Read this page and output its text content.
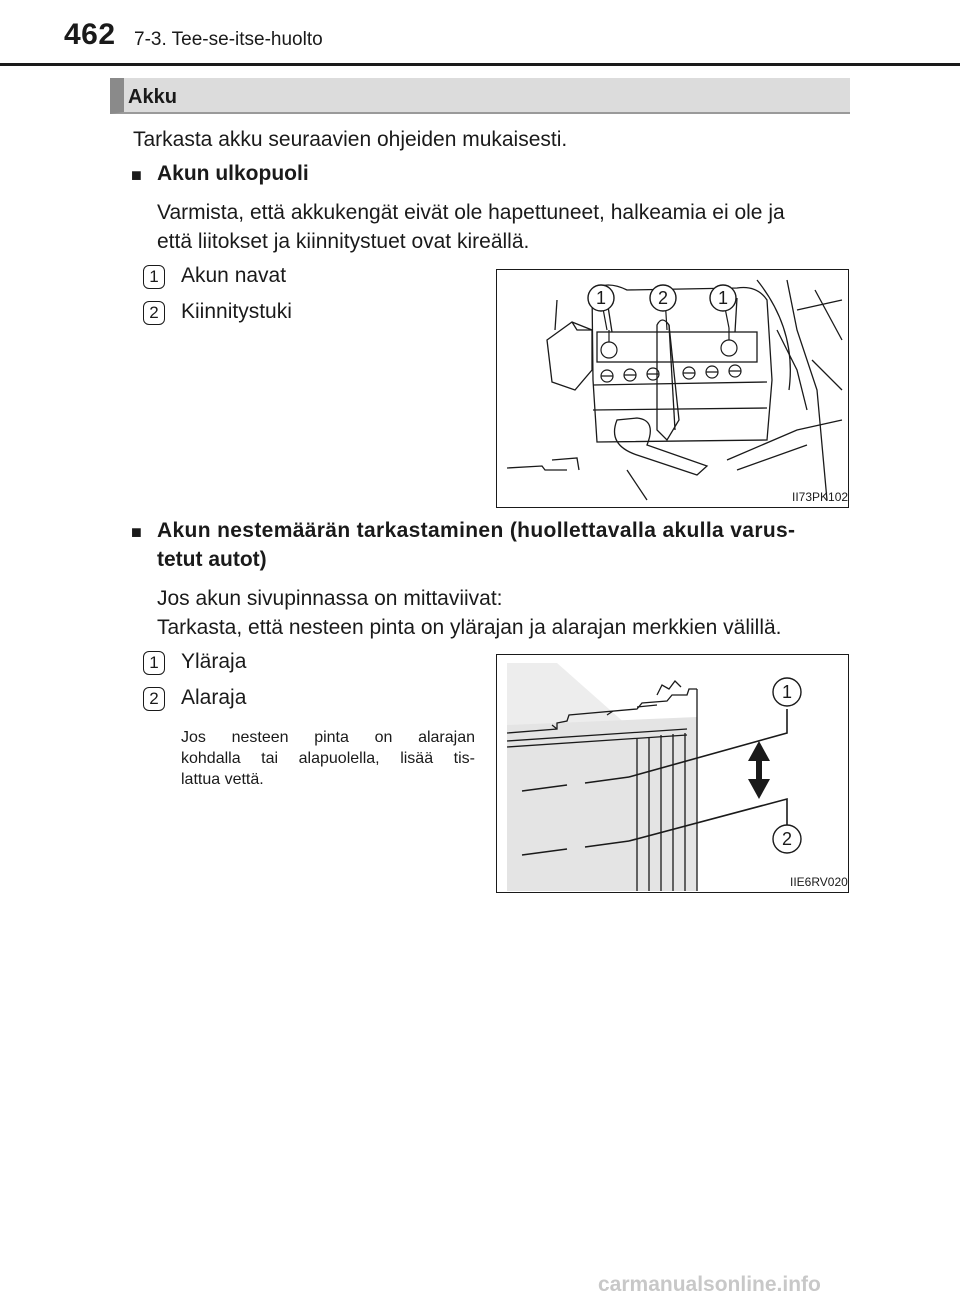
462 7-3. Tee-se-itse-huolto
Akku
Tarkasta akku seuraavien ohjeiden mukaisesti.
■ Akun ulkopuoli
Varmista, että akkukengät eivät ole hapettuneet, halkeamia ei ole ja
että liitokset ja kiinnitystuet ovat kireällä.
1 Akun navat
2 Kiinnitystuki
1	2	1
II73PK102
■ Akun nestemäärän tarkastaminen (huollettavalla akulla varus-
tetut autot)
Jos akun sivupinnassa on mittaviivat:
Tarkasta, että nesteen pinta on ylärajan ja alarajan merkkien välillä.
1 Yläraja
2 Alaraja
Jos nesteen pinta on alarajan
kohdalla tai alapuolella, lisää tis-
lattua vettä.
1
2
IIE6RV020
carmanualsonline.info
